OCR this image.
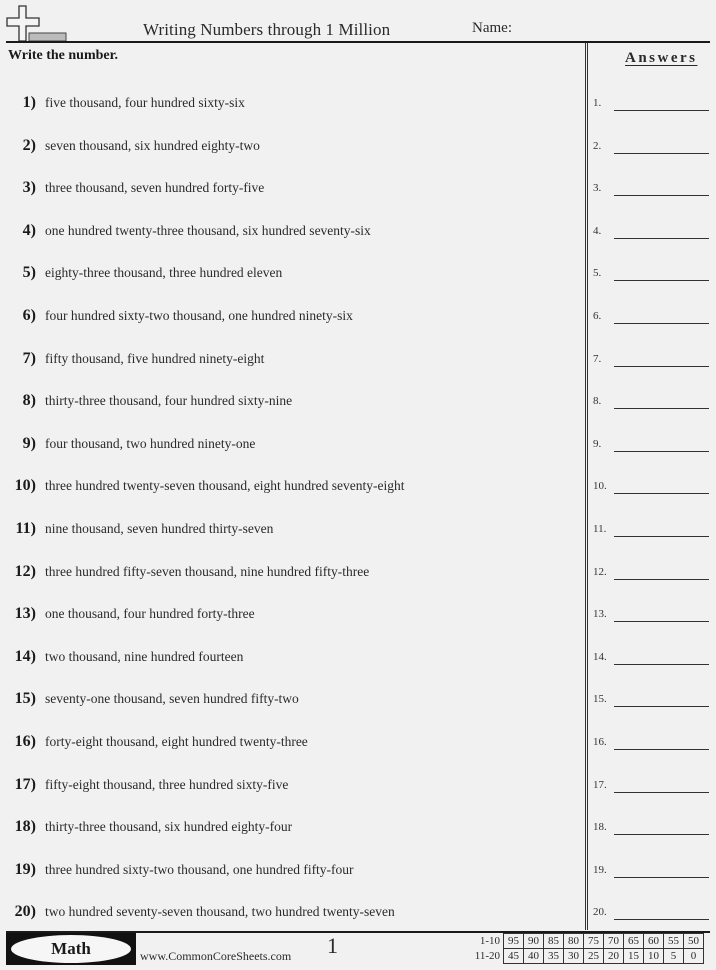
Writing Numbers through 1 Million	Name:
Write the number.	Answers
1) five thousand, four hundred sixty-six
2) seven thousand, six hundred eighty-two
3) three thousand, seven hundred forty-five
4) one hundred twenty-three thousand, six hundred seventy-six
5) eighty-three thousand, three hundred eleven
6) four hundred sixty-two thousand, one hundred ninety-six
7) fifty thousand, five hundred ninety-eight
8) thirty-three thousand, four hundred sixty-nine
9) four thousand, two hundred ninety-one
10) three hundred twenty-seven thousand, eight hundred seventy-eight
11) nine thousand, seven hundred thirty-seven
12) three hundred fifty-seven thousand, nine hundred fifty-three
13) one thousand, four hundred forty-three
14) two thousand, nine hundred fourteen
15) seventy-one thousand, seven hundred fifty-two
16) forty-eight thousand, eight hundred twenty-three
17) fifty-eight thousand, three hundred sixty-five
18) thirty-three thousand, six hundred eighty-four
19) three hundred sixty-two thousand, one hundred fifty-four
20) two hundred seventy-seven thousand, two hundred twenty-seven
1.
2.
3.
4.
5.
6.
7.
8.
9.
10.
11.
12.
13.
14.
15.
16.
17.
18.
19.
20.
Math	www.CommonCoreSheets.com 1	1-10	95	90	85	80	75	70	65	60	55	50
11-20	45	40	35	30	25	20	15	10	5	0
